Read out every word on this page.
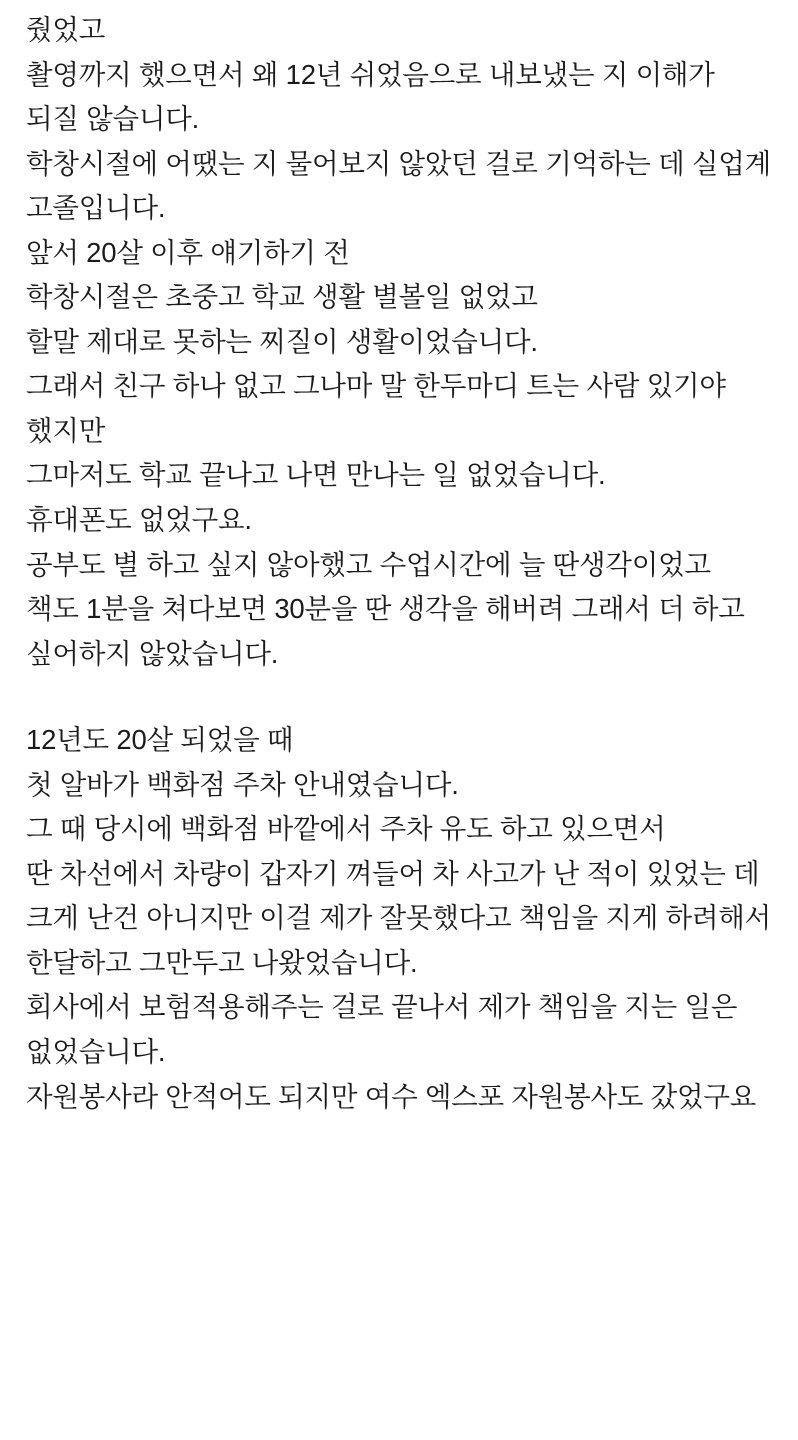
줬었고

촬영까지 했으면서 왜 12년 쉬었음으로 내보냈는 지 이해가 되질 않습니다.

학창시절에 어땠는 지 물어보지 않았던 걸로 기억하는 데 실업계 고졸입니다.

앞서 20살 이후 얘기하기 전

학창시절은 초중고 학교 생활 별볼일 없었고

할말 제대로 못하는 찌질이 생활이었습니다.

그래서 친구 하나 없고 그나마 말 한두마디 트는 사람 있기야 했지만

그마저도 학교 끝나고 나면 만나는 일 없었습니다.

휴대폰도 없었구요.

공부도 별 하고 싶지 않아했고 수업시간에 늘 딴생각이었고

책도 1분을 쳐다보면 30분을 딴 생각을 해버려 그래서 더 하고 싶어하지 않았습니다.

12년도 20살 되었을 때

첫 알바가 백화점 주차 안내였습니다.

그 때 당시에 백화점 바깥에서 주차 유도 하고 있으면서

딴 차선에서 차량이 갑자기 껴들어 차 사고가 난 적이 있었는 데

크게 난건 아니지만 이걸 제가 잘못했다고 책임을 지게 하려해서

한달하고 그만두고 나왔었습니다.

회사에서 보험적용해주는 걸로 끝나서 제가 책임을 지는 일은 없었습니다.

자원봉사라 안적어도 되지만 여수 엑스포 자원봉사도 갔었구요
